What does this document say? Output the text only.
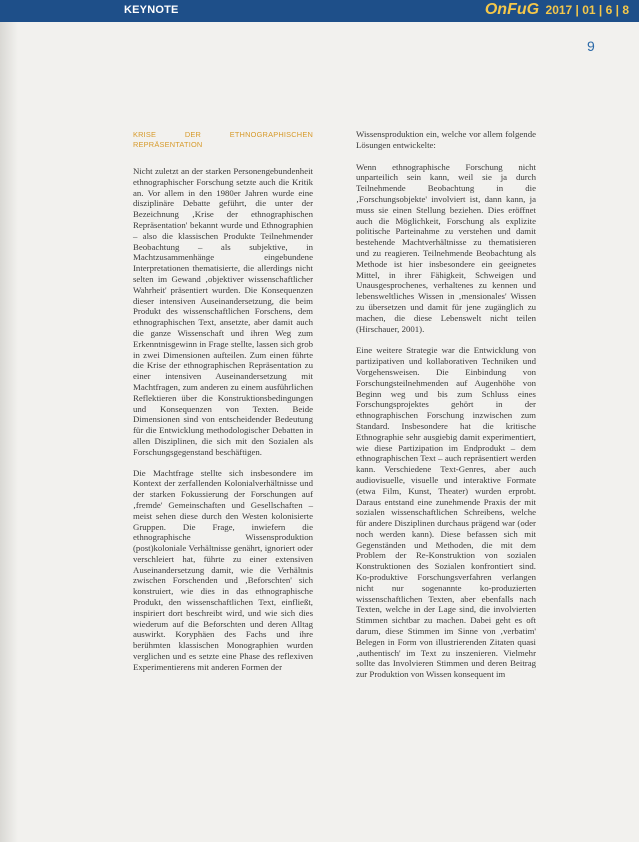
KEYNOTE	OnFuG 2017 | 01 | 6 | 8
9
KRISE DER ETHNOGRAPHISCHEN REPRÄSENTATION

Nicht zuletzt an der starken Personengebundenheit ethnographischer Forschung setzte auch die Kritik an. Vor allem in den 1980er Jahren wurde eine disziplinäre Debatte geführt, die unter der Bezeichnung ‚Krise der ethnographischen Repräsentation' bekannt wurde und Ethnographien – also die klassischen Produkte Teilnehmender Beobachtung – als subjektive, in Machtzusammenhänge eingebundene Interpretationen thematisierte, die allerdings nicht selten im Gewand ‚objektiver wissenschaftlicher Wahrheit' präsentiert wurden. Die Konsequenzen dieser intensiven Auseinandersetzung, die beim Produkt des wissenschaftlichen Forschens, dem ethnographischen Text, ansetzte, aber damit auch die ganze Wissenschaft und ihren Weg zum Erkenntnisgewinn in Frage stellte, lassen sich grob in zwei Dimensionen aufteilen. Zum einen führte die Krise der ethnographischen Repräsentation zu einer intensiven Auseinandersetzung mit Machtfragen, zum anderen zu einem ausführlichen Reflektieren über die Konstruktionsbedingungen und Konsequenzen von Texten. Beide Dimensionen sind von entscheidender Bedeutung für die Entwicklung methodologischer Debatten in allen Disziplinen, die sich mit den Sozialen als Forschungsgegenstand beschäftigen.

Die Machtfrage stellte sich insbesondere im Kontext der zerfallenden Kolonialverhältnisse und der starken Fokussierung der Forschungen auf ‚fremde' Gemeinschaften und Gesellschaften – meist sehen diese durch den Westen kolonisierte Gruppen. Die Frage, inwiefern die ethnographische Wissensproduktion (post)koloniale Verhältnisse genährt, ignoriert oder verschleiert hat, führte zu einer extensiven Auseinandersetzung damit, wie die Verhältnis zwischen Forschenden und ‚Beforschten' sich konstruiert, wie dies in das ethnographische Produkt, den wissenschaftlichen Text, einfließt, inspiriert dort beschreibt wird, und wie sich dies wiederum auf die Beforschten und deren Alltag auswirkt. Koryphäen des Fachs und ihre berühmten klassischen Monographien wurden verglichen und es setzte eine Phase des reflexiven Experimentierens mit anderen Formen der

Wissensproduktion ein, welche vor allem folgende Lösungen entwickelte:

Wenn ethnographische Forschung nicht unparteilich sein kann, weil sie ja durch Teilnehmende Beobachtung in die ‚Forschungsobjekte' involviert ist, dann kann, ja muss sie einen Stellung beziehen. Dies eröffnet auch die Möglichkeit, Forschung als explizite politische Parteinahme zu verstehen und damit bestehende Machtverhältnisse zu thematisieren und zu reagieren. Teilnehmende Beobachtung als Methode ist hier insbesondere ein geeignetes Mittel, in ihrer Fähigkeit, Schweigen und Unausgesprochenes, verhaltenes zu kennen und lebensweltliches Wissen in ‚mensionales' Wissen zu übersetzen und damit für jene zugänglich zu machen, die diese Lebenswelt nicht teilen (Hirschauer, 2001).

Eine weitere Strategie war die Entwicklung von partizipativen und kollaborativen Techniken und Vorgehensweisen. Die Einbindung von Forschungsteilnehmenden auf Augenhöhe von Beginn weg und bis zum Schluss eines Forschungsprojektes gehört in der ethnographischen Forschung inzwischen zum Standard. Insbesondere hat die kritische Ethnographie sehr ausgiebig damit experimentiert, wie diese Partizipation im Endprodukt – dem ethnographischen Text – auch repräsentiert werden kann. Verschiedene Text-Genres, aber auch audiovisuelle, visuelle und interaktive Formate (etwa Film, Kunst, Theater) wurden erprobt. Daraus entstand eine zunehmende Praxis der mit sozialen wissenschaftlichen Schreibens, welche für andere Disziplinen durchaus prägend war (oder noch werden kann). Diese befassen sich mit Gegenständen und Methoden, die mit dem Problem der Re-Konstruktion von sozialen Konstruktionen des Sozialen konfrontiert sind. Ko-produktive Forschungsverfahren verlangen nicht nur sogenannte ko-produzierten wissenschaftlichen Texten, aber ebenfalls nach Texten, welche in der Lage sind, die involvierten Stimmen sichtbar zu machen. Dabei geht es oft darum, diese Stimmen im Sinne von ‚verbatim' Belegen in Form von illustrierenden Zitaten quasi ‚authentisch' im Text zu inszenieren. Vielmehr sollte das Involvieren Stimmen und deren Beitrag zur Produktion von Wissen konsequent im
